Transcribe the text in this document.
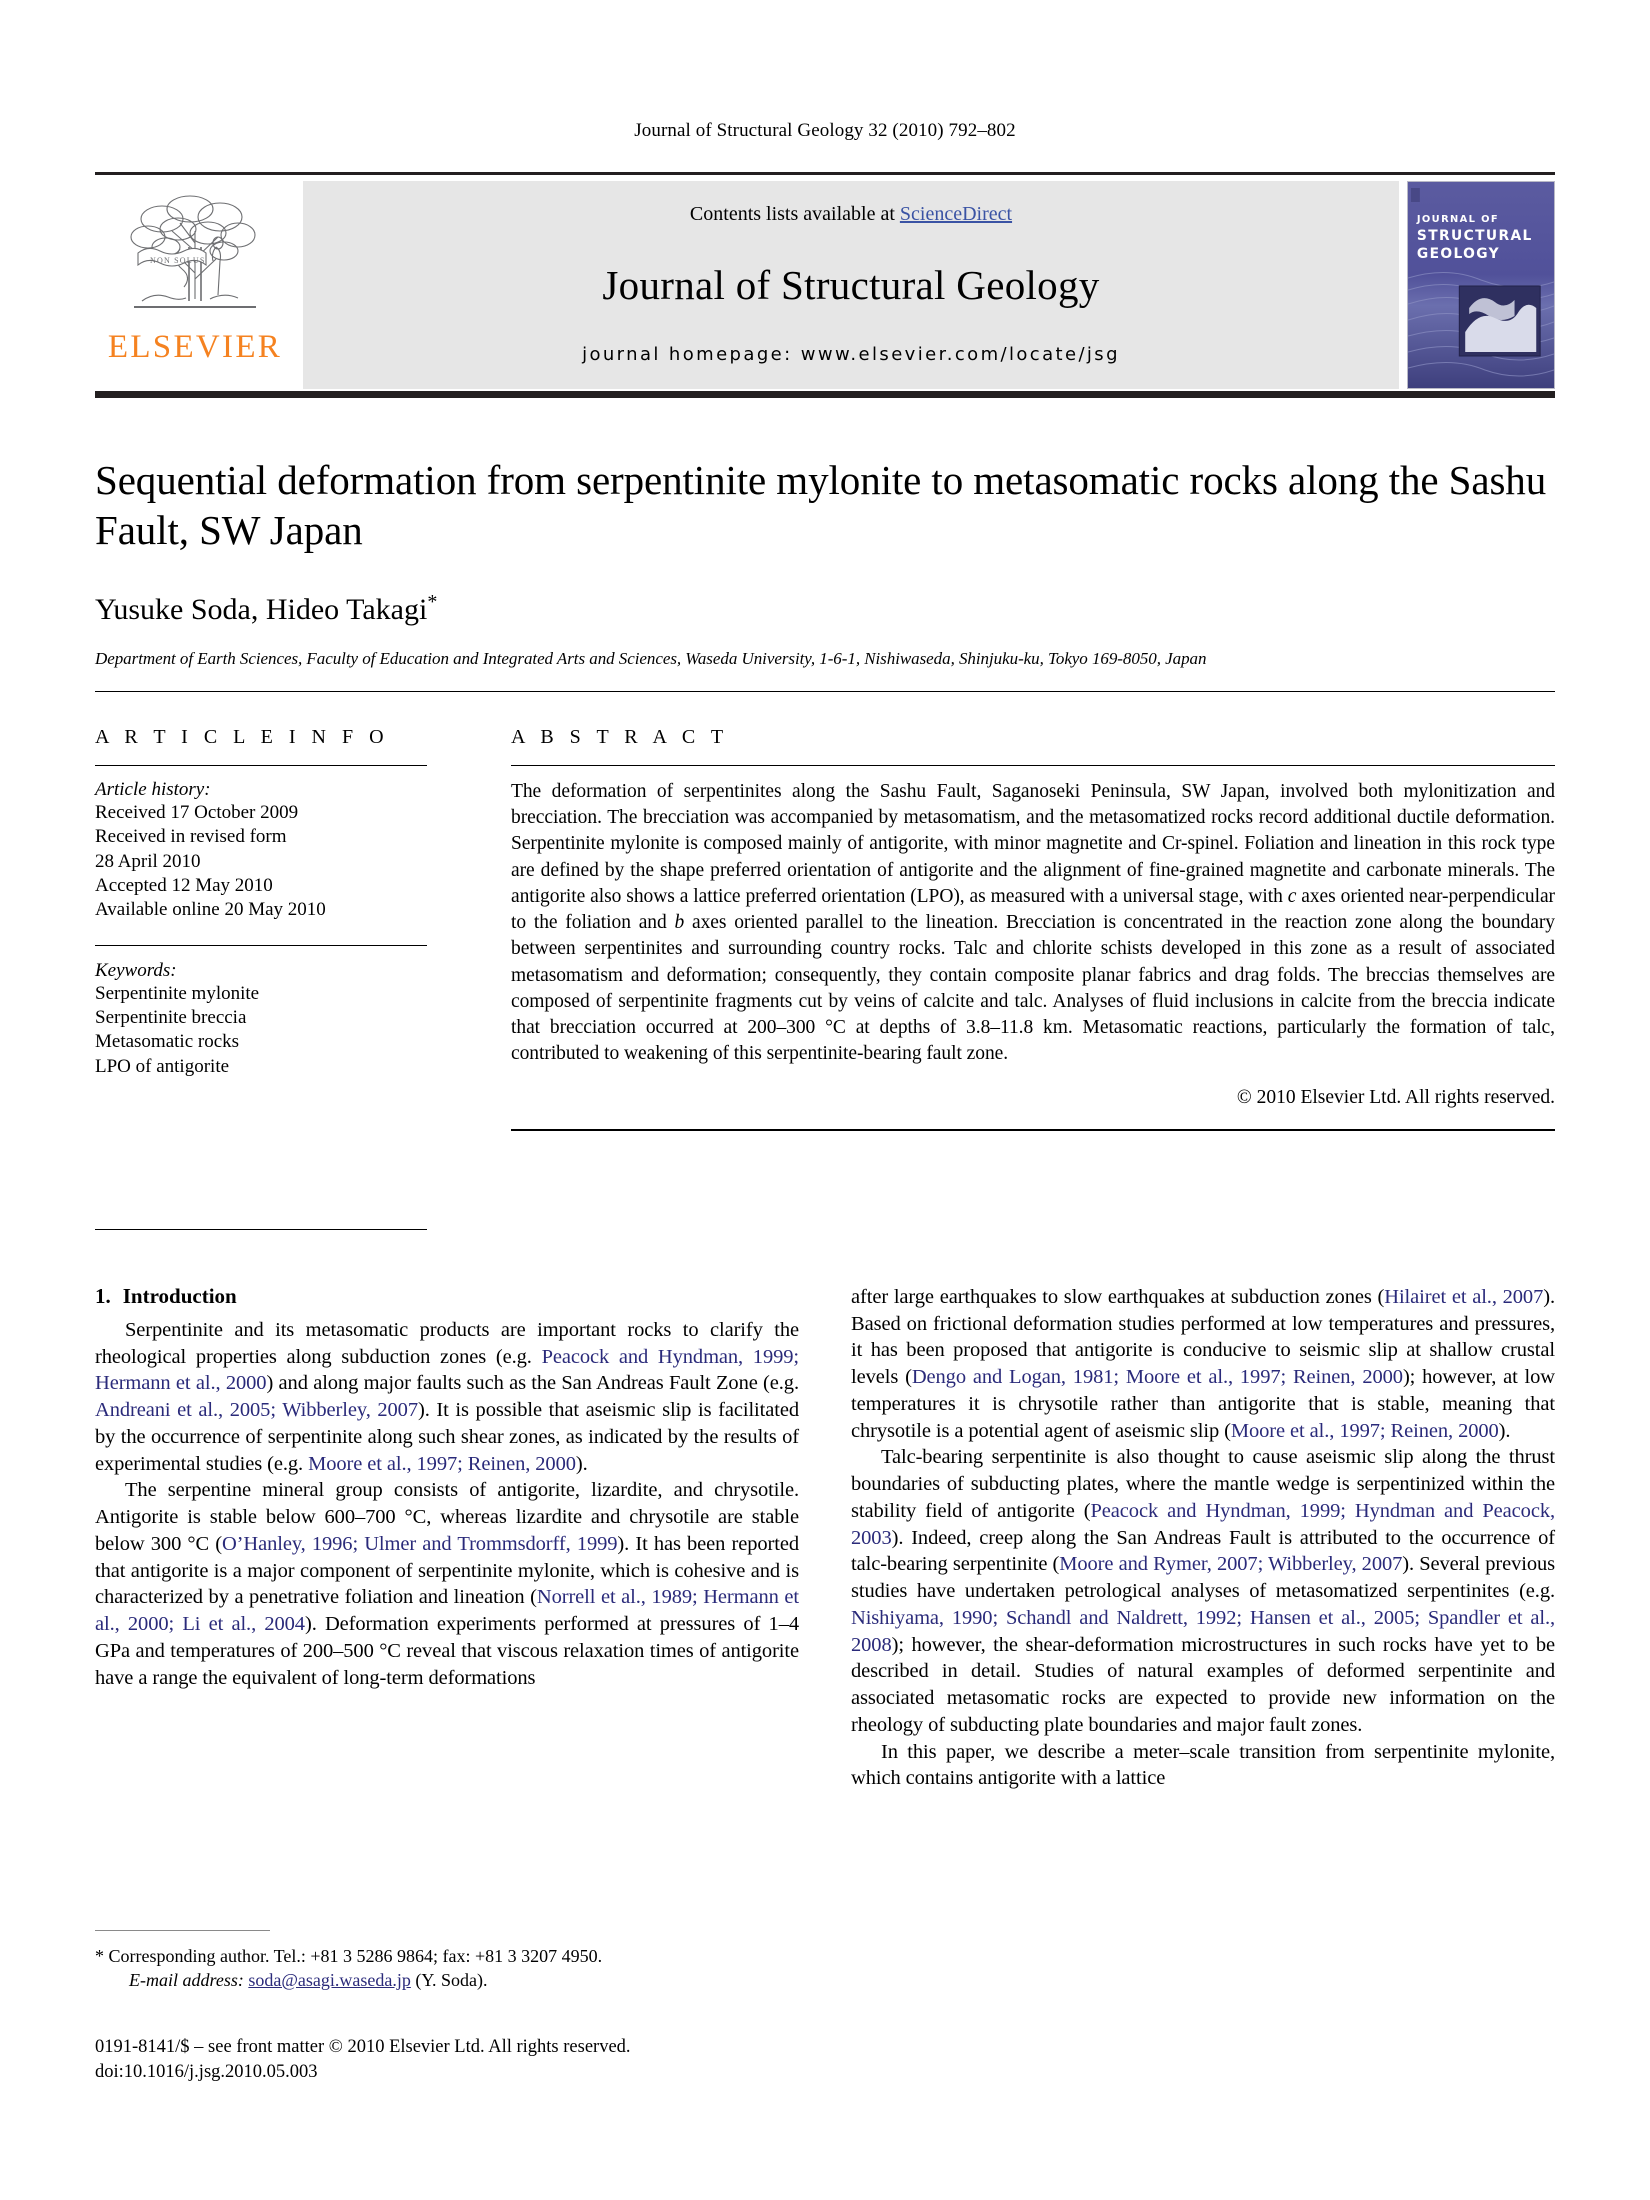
Journal of Structural Geology 32 (2010) 792–802
NON SOLUS
ELSEVIER
Contents lists available at ScienceDirect
Journal of Structural Geology
journal homepage: www.elsevier.com/locate/jsg
JOURNAL OF
STRUCTURAL
GEOLOGY
Sequential deformation from serpentinite mylonite to metasomatic rocks along the Sashu Fault, SW Japan
Yusuke Soda, Hideo Takagi*
Department of Earth Sciences, Faculty of Education and Integrated Arts and Sciences, Waseda University, 1-6-1, Nishiwaseda, Shinjuku-ku, Tokyo 169-8050, Japan
A R T I C L E I N F O
Article history:
Received 17 October 2009
Received in revised form
28 April 2010
Accepted 12 May 2010
Available online 20 May 2010
Keywords:
Serpentinite mylonite
Serpentinite breccia
Metasomatic rocks
LPO of antigorite
A B S T R A C T
The deformation of serpentinites along the Sashu Fault, Saganoseki Peninsula, SW Japan, involved both mylonitization and brecciation. The brecciation was accompanied by metasomatism, and the metasomatized rocks record additional ductile deformation. Serpentinite mylonite is composed mainly of antigorite, with minor magnetite and Cr-spinel. Foliation and lineation in this rock type are defined by the shape preferred orientation of antigorite and the alignment of fine-grained magnetite and carbonate minerals. The antigorite also shows a lattice preferred orientation (LPO), as measured with a universal stage, with c axes oriented near-perpendicular to the foliation and b axes oriented parallel to the lineation. Brecciation is concentrated in the reaction zone along the boundary between serpentinites and surrounding country rocks. Talc and chlorite schists developed in this zone as a result of associated metasomatism and deformation; consequently, they contain composite planar fabrics and drag folds. The breccias themselves are composed of serpentinite fragments cut by veins of calcite and talc. Analyses of fluid inclusions in calcite from the breccia indicate that brecciation occurred at 200–300 °C at depths of 3.8–11.8 km. Metasomatic reactions, particularly the formation of talc, contributed to weakening of this serpentinite-bearing fault zone.
© 2010 Elsevier Ltd. All rights reserved.
1. Introduction

Serpentinite and its metasomatic products are important rocks to clarify the rheological properties along subduction zones (e.g. Peacock and Hyndman, 1999; Hermann et al., 2000) and along major faults such as the San Andreas Fault Zone (e.g. Andreani et al., 2005; Wibberley, 2007). It is possible that aseismic slip is facilitated by the occurrence of serpentinite along such shear zones, as indicated by the results of experimental studies (e.g. Moore et al., 1997; Reinen, 2000).

The serpentine mineral group consists of antigorite, lizardite, and chrysotile. Antigorite is stable below 600–700 °C, whereas lizardite and chrysotile are stable below 300 °C (O’Hanley, 1996; Ulmer and Trommsdorff, 1999). It has been reported that antigorite is a major component of serpentinite mylonite, which is cohesive and is characterized by a penetrative foliation and lineation (Norrell et al., 1989; Hermann et al., 2000; Li et al., 2004). Deformation experiments performed at pressures of 1–4 GPa and temperatures of 200–500 °C reveal that viscous relaxation times of antigorite have a range the equivalent of long-term deformations

after large earthquakes to slow earthquakes at subduction zones (Hilairet et al., 2007). Based on frictional deformation studies performed at low temperatures and pressures, it has been proposed that antigorite is conducive to seismic slip at shallow crustal levels (Dengo and Logan, 1981; Moore et al., 1997; Reinen, 2000); however, at low temperatures it is chrysotile rather than antigorite that is stable, meaning that chrysotile is a potential agent of aseismic slip (Moore et al., 1997; Reinen, 2000).

Talc-bearing serpentinite is also thought to cause aseismic slip along the thrust boundaries of subducting plates, where the mantle wedge is serpentinized within the stability field of antigorite (Peacock and Hyndman, 1999; Hyndman and Peacock, 2003). Indeed, creep along the San Andreas Fault is attributed to the occurrence of talc-bearing serpentinite (Moore and Rymer, 2007; Wibberley, 2007). Several previous studies have undertaken petrological analyses of metasomatized serpentinites (e.g. Nishiyama, 1990; Schandl and Naldrett, 1992; Hansen et al., 2005; Spandler et al., 2008); however, the shear-deformation microstructures in such rocks have yet to be described in detail. Studies of natural examples of deformed serpentinite and associated metasomatic rocks are expected to provide new information on the rheology of subducting plate boundaries and major fault zones.

In this paper, we describe a meter–scale transition from serpentinite mylonite, which contains antigorite with a lattice

* Corresponding author. Tel.: +81 3 5286 9864; fax: +81 3 3207 4950.
E-mail address: soda@asagi.waseda.jp (Y. Soda).
0191-8141/$ – see front matter © 2010 Elsevier Ltd. All rights reserved.
doi:10.1016/j.jsg.2010.05.003
